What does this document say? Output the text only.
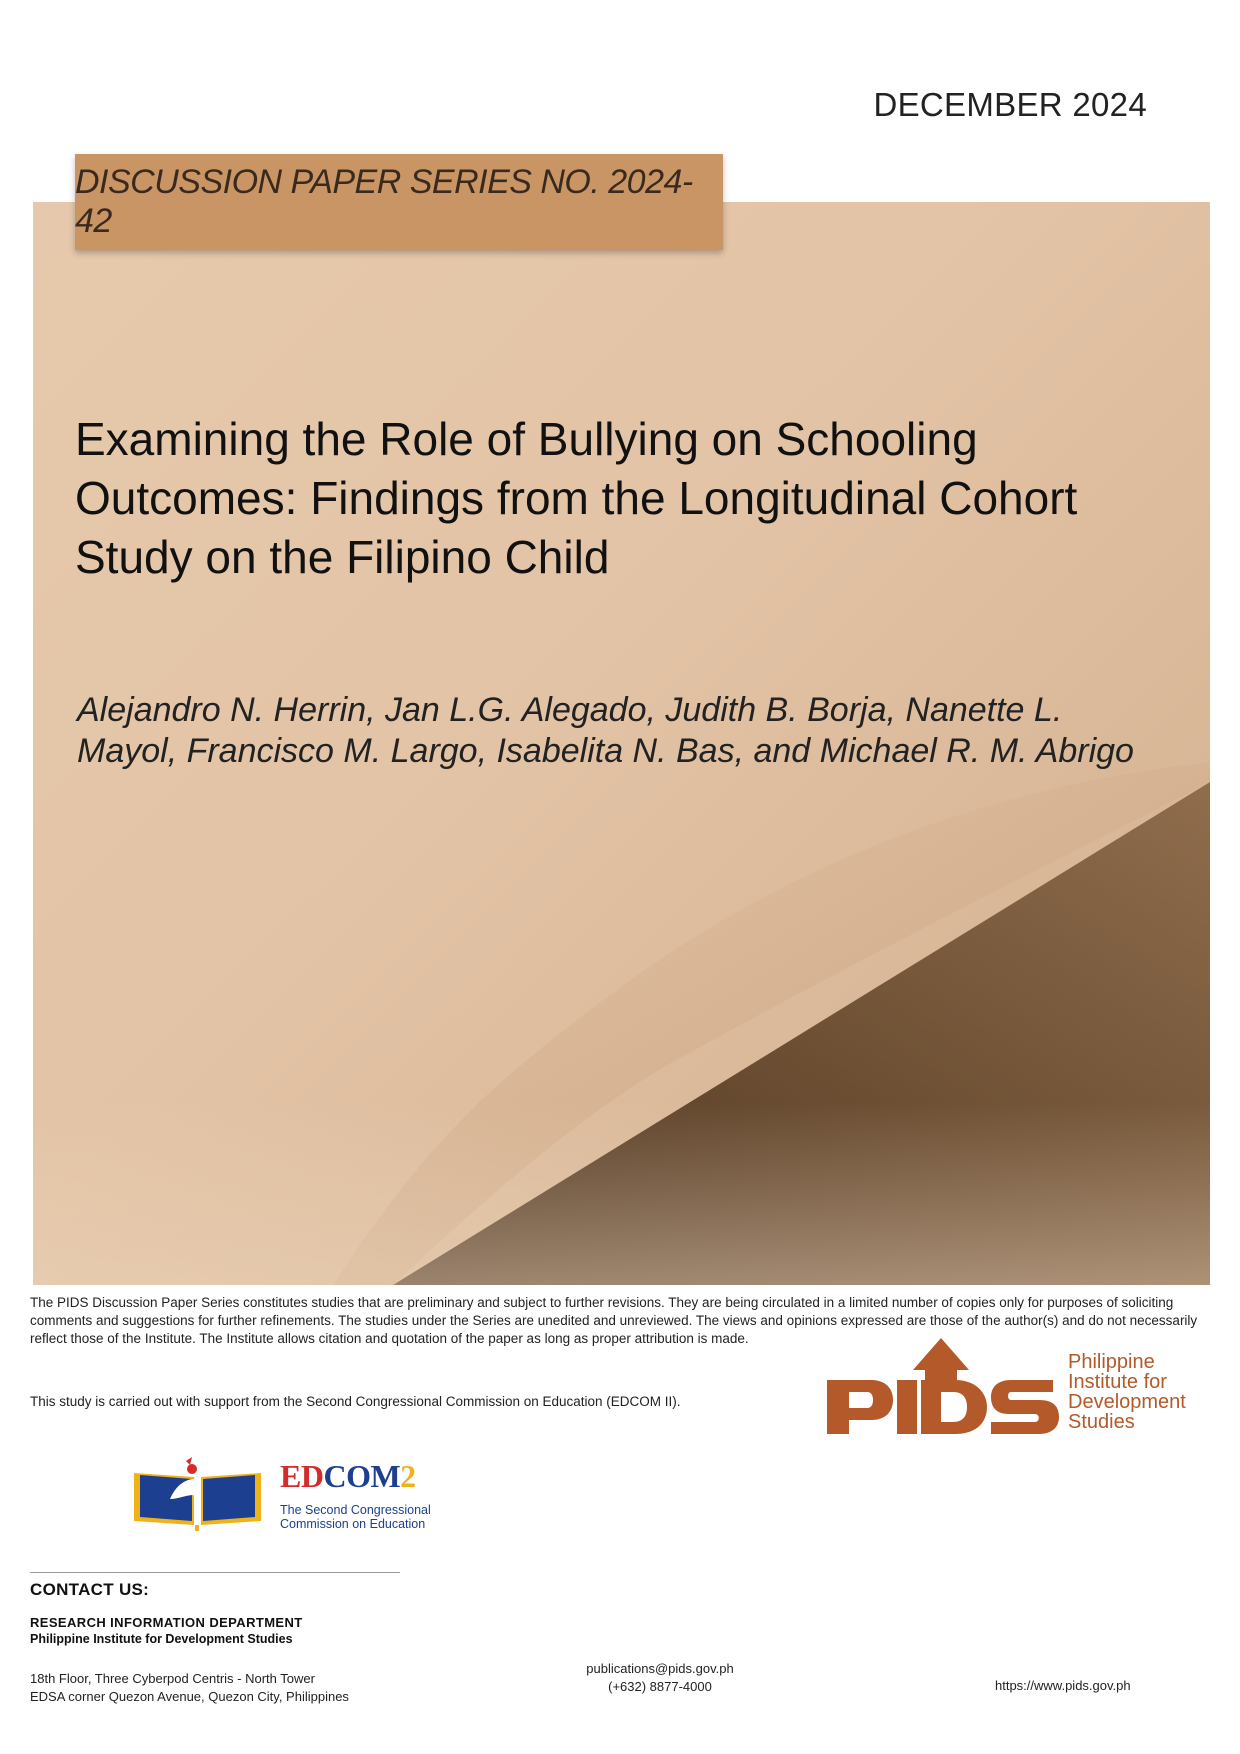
DECEMBER 2024
Philippine
Institute for
Development
Studies
DISCUSSION PAPER SERIES NO. 2024-42
Examining the Role of Bullying on Schooling Outcomes: Findings from the Longitudinal Cohort Study on the Filipino Child

Alejandro N. Herrin, Jan L.G. Alegado, Judith B. Borja, Nanette L. Mayol, Francisco M. Largo, Isabelita N. Bas, and Michael R. M. Abrigo

The PIDS Discussion Paper Series constitutes studies that are preliminary and subject to further revisions. They are being circulated in a limited number of copies only for purposes of soliciting comments and suggestions for further refinements. The studies under the Series are unedited and unreviewed. The views and opinions expressed are those of the author(s) and do not necessarily reflect those of the Institute. The Institute allows citation and quotation of the paper as long as proper attribution is made.

This study is carried out with support from the Second Congressional Commission on Education (EDCOM II).

EDCOM2
The Second Congressional
Commission on Education
CONTACT US:
RESEARCH INFORMATION DEPARTMENT
Philippine Institute for Development Studies
18th Floor, Three Cyberpod Centris - North Tower
EDSA corner Quezon Avenue, Quezon City, Philippines
publications@pids.gov.ph
(+632) 8877-4000	https://www.pids.gov.ph
